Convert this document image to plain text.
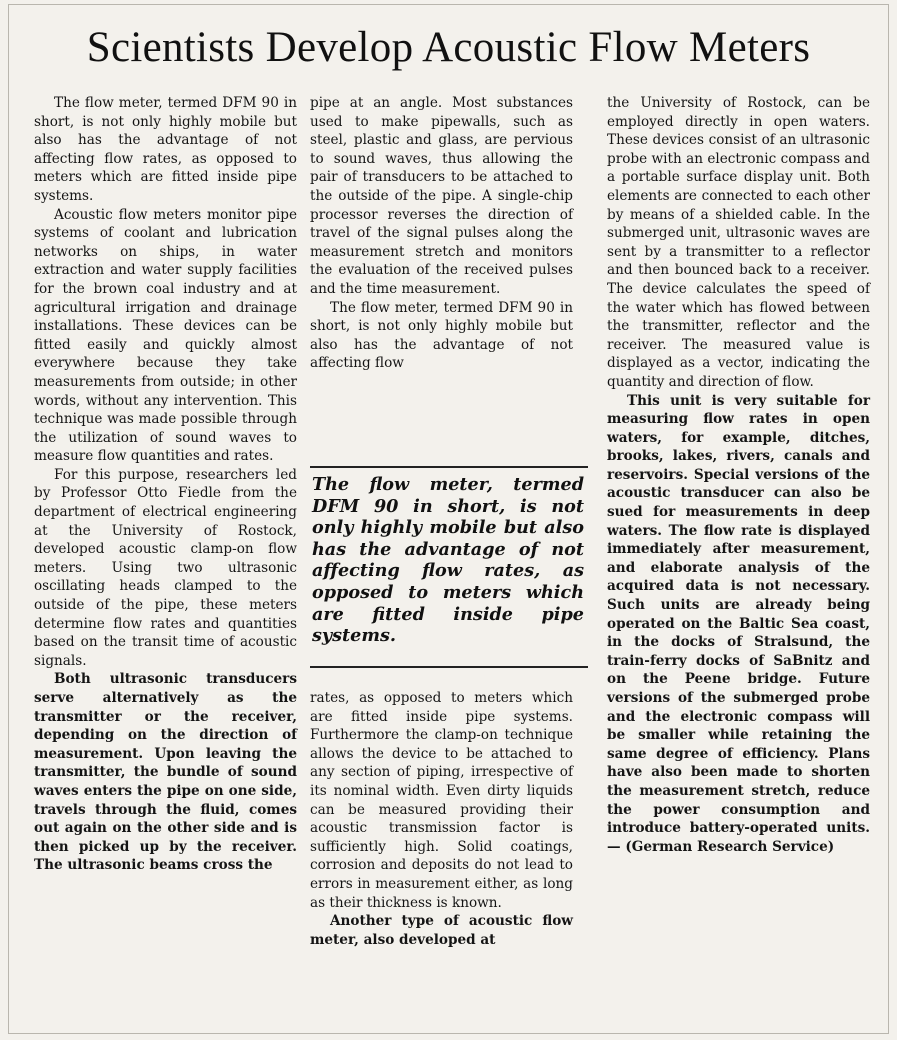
Scientists Develop Acoustic Flow Meters

The flow meter, termed DFM 90 in short, is not only highly mobile but also has the advantage of not affecting flow rates, as opposed to meters which are fitted inside pipe systems.

Acoustic flow meters monitor pipe systems of coolant and lubrication networks on ships, in water extraction and water supply facilities for the brown coal industry and at agricultural irrigation and drainage installations. These devices can be fitted easily and quickly almost everywhere because they take measurements from outside; in other words, without any intervention. This technique was made possible through the utilization of sound waves to measure flow quantities and rates.

For this purpose, researchers led by Professor Otto Fiedle from the department of electrical engineering at the University of Rostock, developed acoustic clamp-on flow meters. Using two ultrasonic oscillating heads clamped to the outside of the pipe, these meters determine flow rates and quantities based on the transit time of acoustic signals.

Both ultrasonic transducers serve alternatively as the transmitter or the receiver, depending on the direction of measurement. Upon leaving the transmitter, the bundle of sound waves enters the pipe on one side, travels through the fluid, comes out again on the other side and is then picked up by the receiver. The ultrasonic beams cross the

pipe at an angle. Most substances used to make pipewalls, such as steel, plastic and glass, are pervious to sound waves, thus allowing the pair of transducers to be attached to the outside of the pipe. A single-chip processor reverses the direction of travel of the signal pulses along the measurement stretch and monitors the evaluation of the received pulses and the time measurement.

The flow meter, termed DFM 90 in short, is not only highly mobile but also has the advantage of not affecting flow

The flow meter, termed DFM 90 in short, is not only highly mobile but also has the advantage of not affecting flow rates, as opposed to meters which are fitted inside pipe systems.

rates, as opposed to meters which are fitted inside pipe systems. Furthermore the clamp-on technique allows the device to be attached to any section of piping, irrespective of its nominal width. Even dirty liquids can be measured providing their acoustic transmission factor is sufficiently high. Solid coatings, corrosion and deposits do not lead to errors in measurement either, as long as their thickness is known.

Another type of acoustic flow meter, also developed at

the University of Rostock, can be employed directly in open waters. These devices consist of an ultrasonic probe with an electronic compass and a portable surface display unit. Both elements are connected to each other by means of a shielded cable. In the submerged unit, ultrasonic waves are sent by a transmitter to a reflector and then bounced back to a receiver. The device calculates the speed of the water which has flowed between the transmitter, reflector and the receiver. The measured value is displayed as a vector, indicating the quantity and direction of flow.

This unit is very suitable for measuring flow rates in open waters, for example, ditches, brooks, lakes, rivers, canals and reservoirs. Special versions of the acoustic transducer can also be sued for measurements in deep waters. The flow rate is displayed immediately after measurement, and elaborate analysis of the acquired data is not necessary. Such units are already being operated on the Baltic Sea coast, in the docks of Stralsund, the train-ferry docks of SaBnitz and on the Peene bridge. Future versions of the submerged probe and the electronic compass will be smaller while retaining the same degree of efficiency. Plans have also been made to shorten the measurement stretch, reduce the power consumption and introduce battery-operated units. — (German Research Service)
